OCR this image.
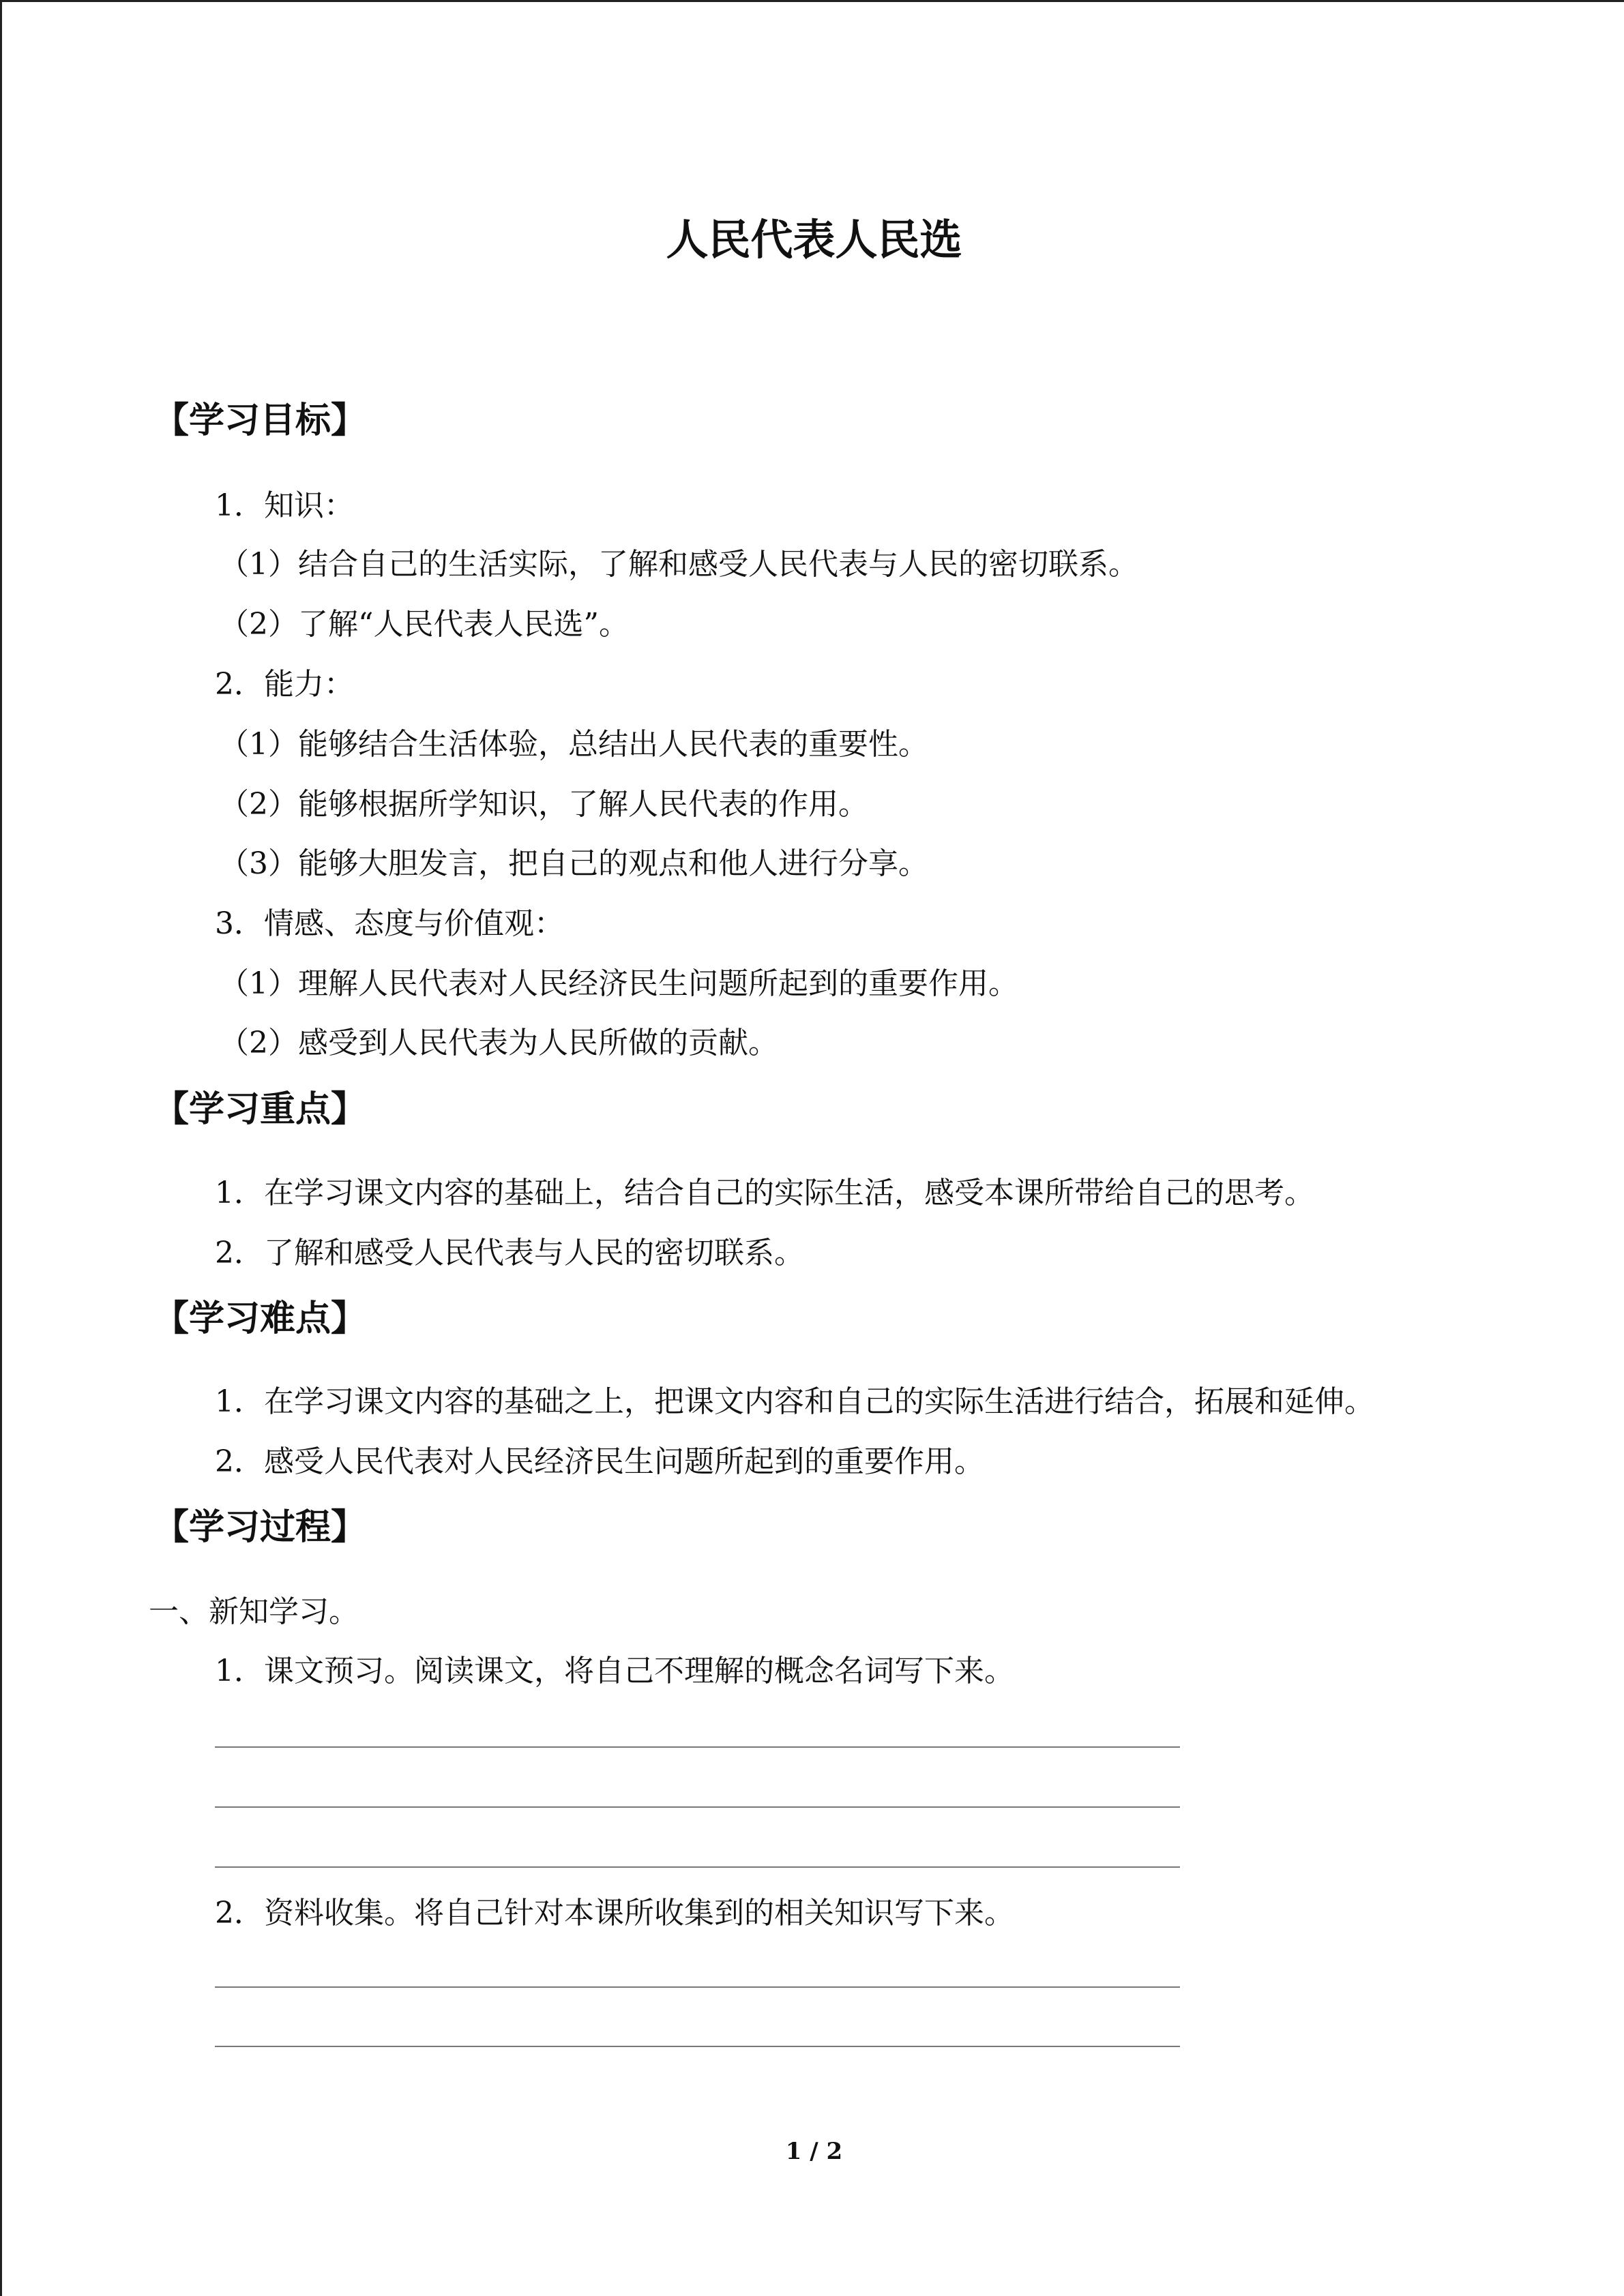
人民代表人民选
【学习目标】
1．知识：
（1）结合自己的生活实际，了解和感受人民代表与人民的密切联系。
（2）了解“人民代表人民选”。
2．能力：
（1）能够结合生活体验，总结出人民代表的重要性。
（2）能够根据所学知识，了解人民代表的作用。
（3）能够大胆发言，把自己的观点和他人进行分享。
3．情感、态度与价值观：
（1）理解人民代表对人民经济民生问题所起到的重要作用。
（2）感受到人民代表为人民所做的贡献。
【学习重点】
1．在学习课文内容的基础上，结合自己的实际生活，感受本课所带给自己的思考。
2．了解和感受人民代表与人民的密切联系。
【学习难点】
1．在学习课文内容的基础之上，把课文内容和自己的实际生活进行结合，拓展和延伸。
2．感受人民代表对人民经济民生问题所起到的重要作用。
【学习过程】
一、新知学习。
1．课文预习。阅读课文，将自己不理解的概念名词写下来。
2．资料收集。将自己针对本课所收集到的相关知识写下来。
1 / 2
